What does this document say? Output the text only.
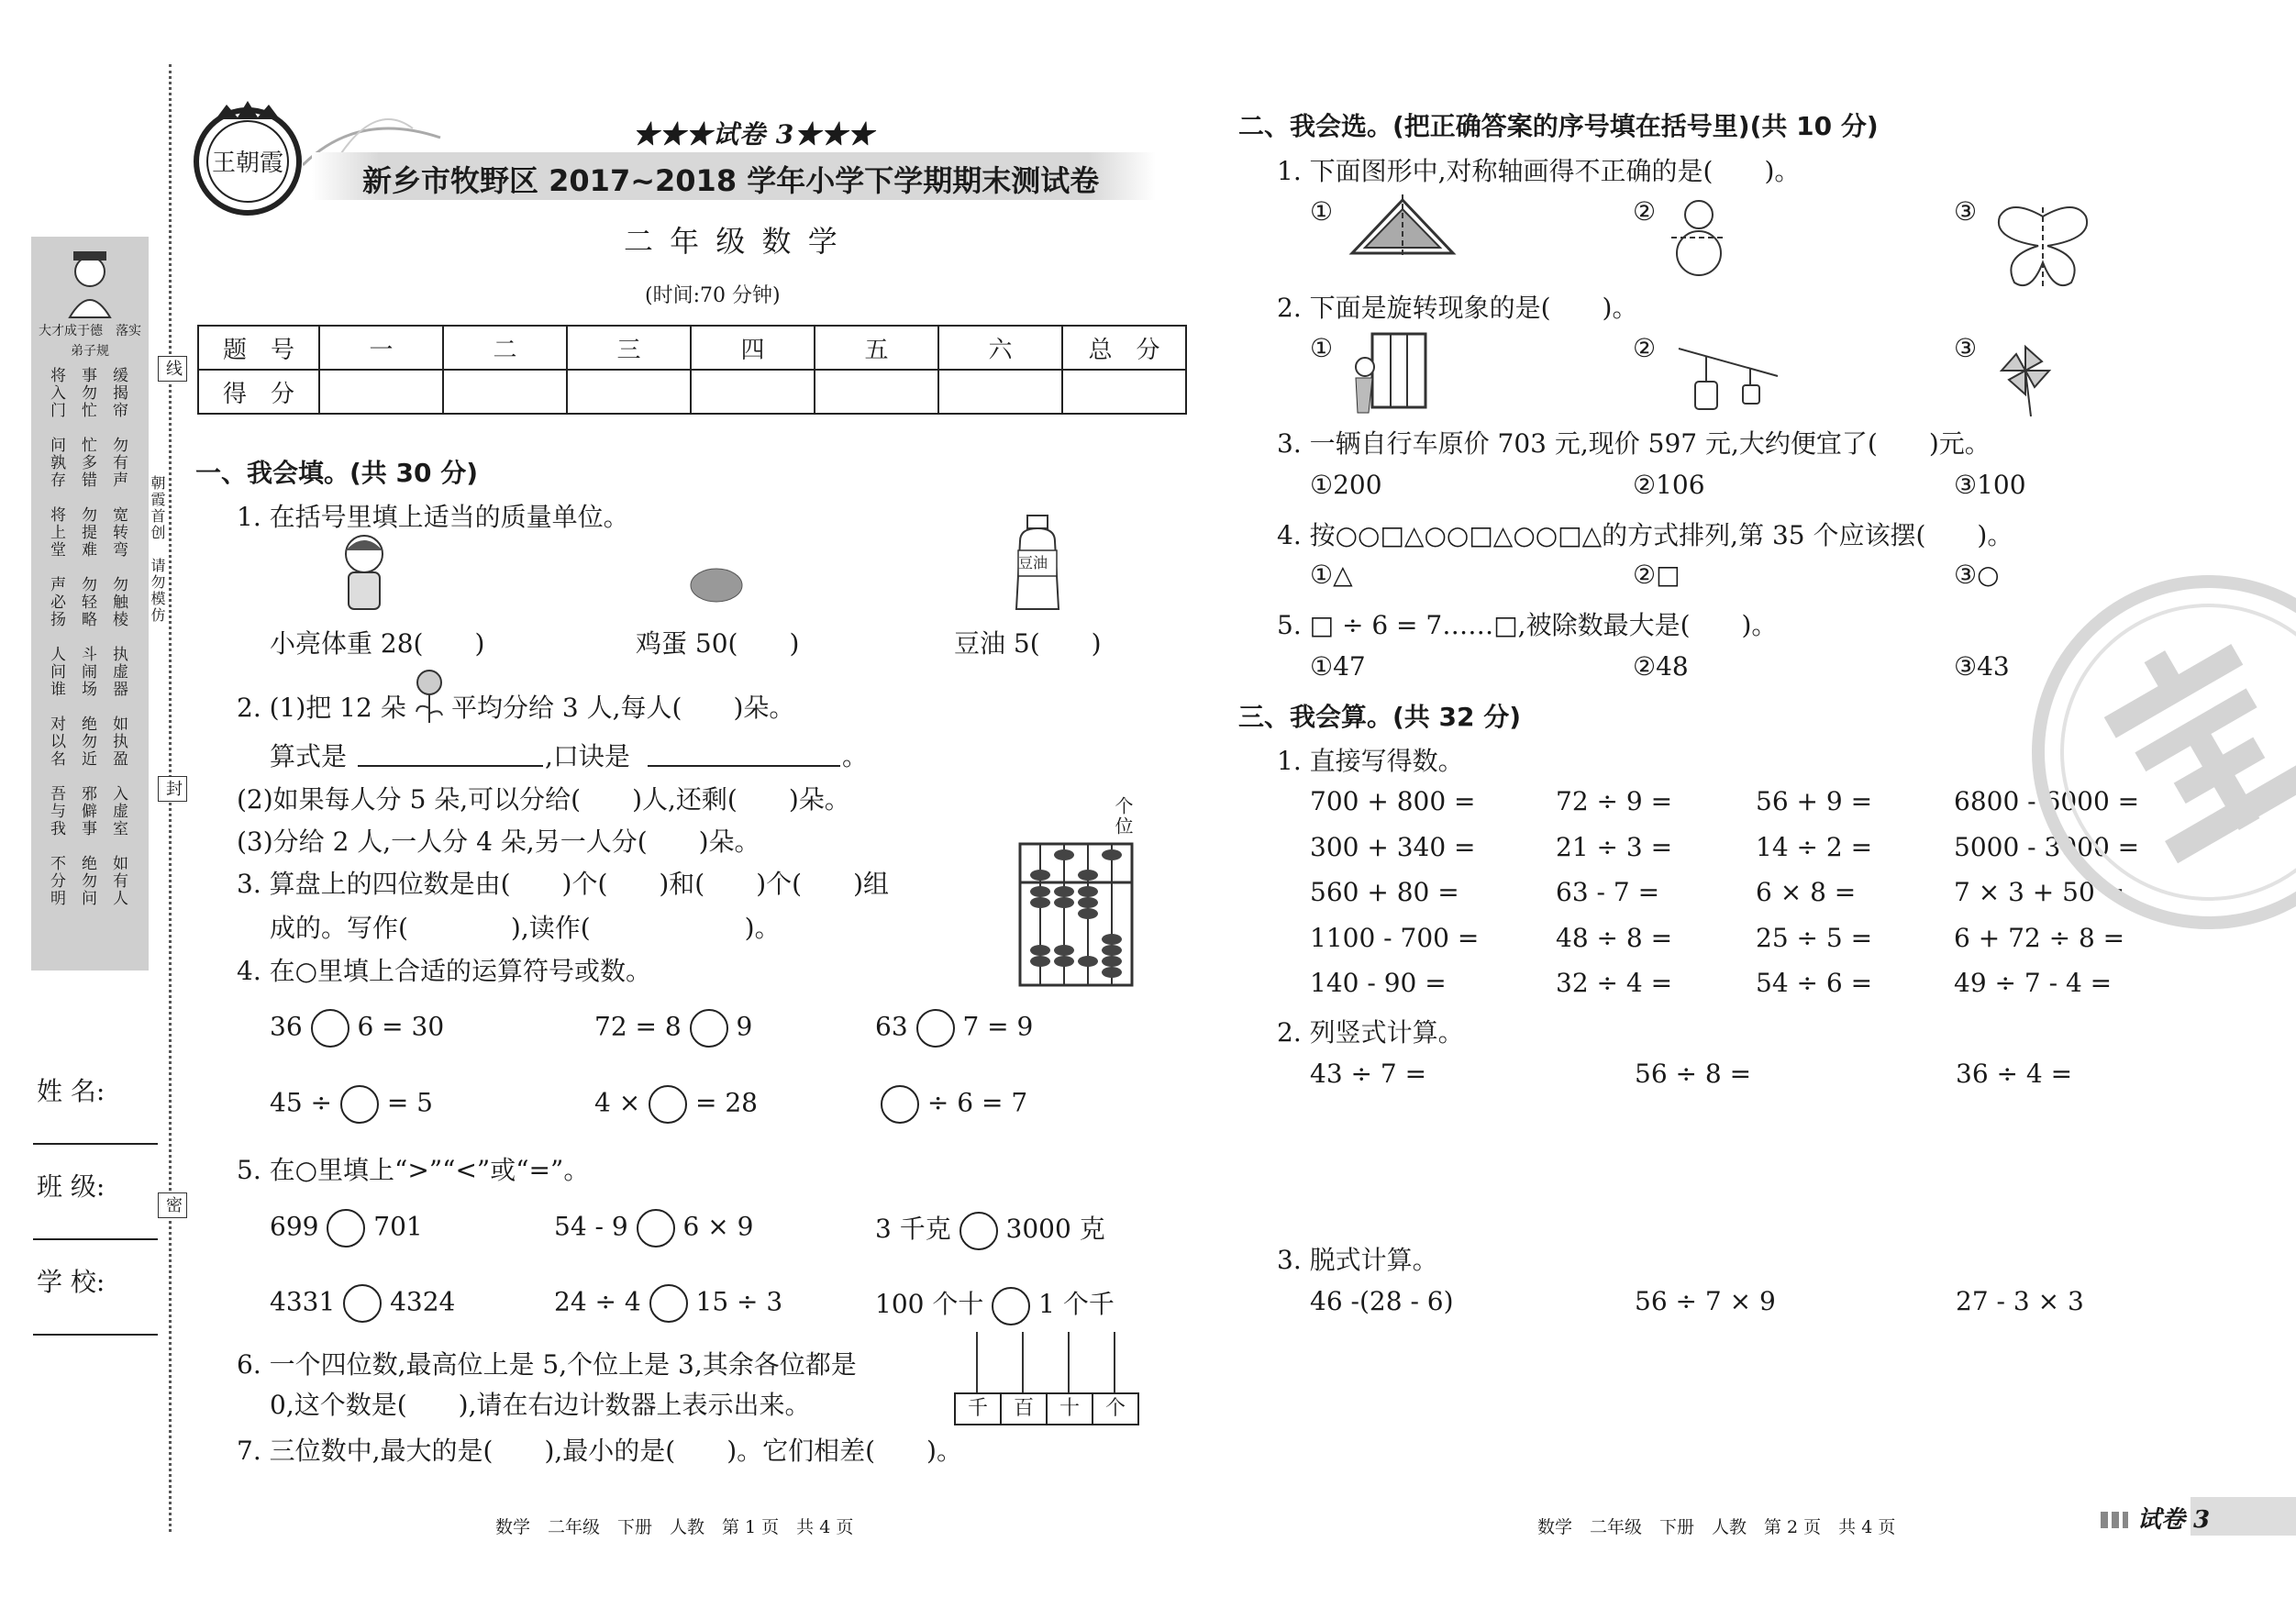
大才成于德　落实弟子规
将入门 事勿忙 缓揭帘问孰存 忙多错 勿有声将上堂 勿提难 宽转弯声必扬 勿轻略 勿触棱人问谁 斗闹场 执虚器对以名 绝勿近 如执盈吾与我 邪僻事 入虚室不分明 绝勿问 如有人
线
封
密
朝霞首创　请勿模仿
姓 名:
班 级:
学 校:
王朝霞
★★★试卷 3★★★
新乡市牧野区 2017~2018 学年小学下学期期末测试卷
二 年 级 数 学
(时间:70 分钟)
题　号	一	二	三	四	五	六	总　分
得　分							
一、我会填。(共 30 分)
1. 在括号里填上适当的质量单位。
豆油
小亮体重 28(　　)	鸡蛋 50(　　)	豆油 5(　　)
2. (1)把 12 朵 平均分给 3 人,每人(　　)朵。
算式是	,口诀是	。
(2)如果每人分 5 朵,可以分给(　　)人,还剩(　　)朵。
(3)分给 2 人,一人分 4 朵,另一人分(　　)朵。
3. 算盘上的四位数是由(　　)个(　　)和(　　)个(　　)组
成的。写作(　　　　),读作(　　　　　　)。
个位
4. 在○里填上合适的运算符号或数。
36 6 = 30	72 = 8 9	63 7 = 9
45 ÷ = 5	4 × = 28	÷ 6 = 7
5. 在○里填上“>”“<”或“=”。
699 701	54 - 9 6 × 9	3 千克 3000 克
4331 4324	24 ÷ 4 15 ÷ 3	100 个十 1 个千
6. 一个四位数,最高位上是 5,个位上是 3,其余各位都是
0,这个数是(　　),请在右边计数器上表示出来。	千	百	十	个
7. 三位数中,最大的是(　　),最小的是(　　)。它们相差(　　)。
数学　二年级　下册　人教　第 1 页　共 4 页
二、我会选。(把正确答案的序号填在括号里)(共 10 分)
1. 下面图形中,对称轴画得不正确的是(　　)。
①	②	③
2. 下面是旋转现象的是(　　)。
①	②	③
3. 一辆自行车原价 703 元,现价 597 元,大约便宜了(　　)元。
①200	②106	③100
4. 按○○□△○○□△○○□△的方式排列,第 35 个应该摆(　　)。
①△	②□	③○
5. □ ÷ 6 = 7……□,被除数最大是(　　)。
①47	②48	③43
三、我会算。(共 32 分)
1. 直接写得数。
700 + 800 =	72 ÷ 9 =	56 + 9 =	6800 - 6000 =
300 + 340 =	21 ÷ 3 =	14 ÷ 2 =	5000 - 3000 =
560 + 80 =	63 - 7 =	6 × 8 =	7 × 3 + 50 =
1100 - 700 =	48 ÷ 8 =	25 ÷ 5 =	6 + 72 ÷ 8 =
140 - 90 =	32 ÷ 4 =	54 ÷ 6 =	49 ÷ 7 - 4 =
2. 列竖式计算。
43 ÷ 7 =	56 ÷ 8 =	36 ÷ 4 =
3. 脱式计算。
46 -(28 - 6)	56 ÷ 7 × 9	27 - 3 × 3
数学　二年级　下册　人教　第 2 页　共 4 页	试卷 3
